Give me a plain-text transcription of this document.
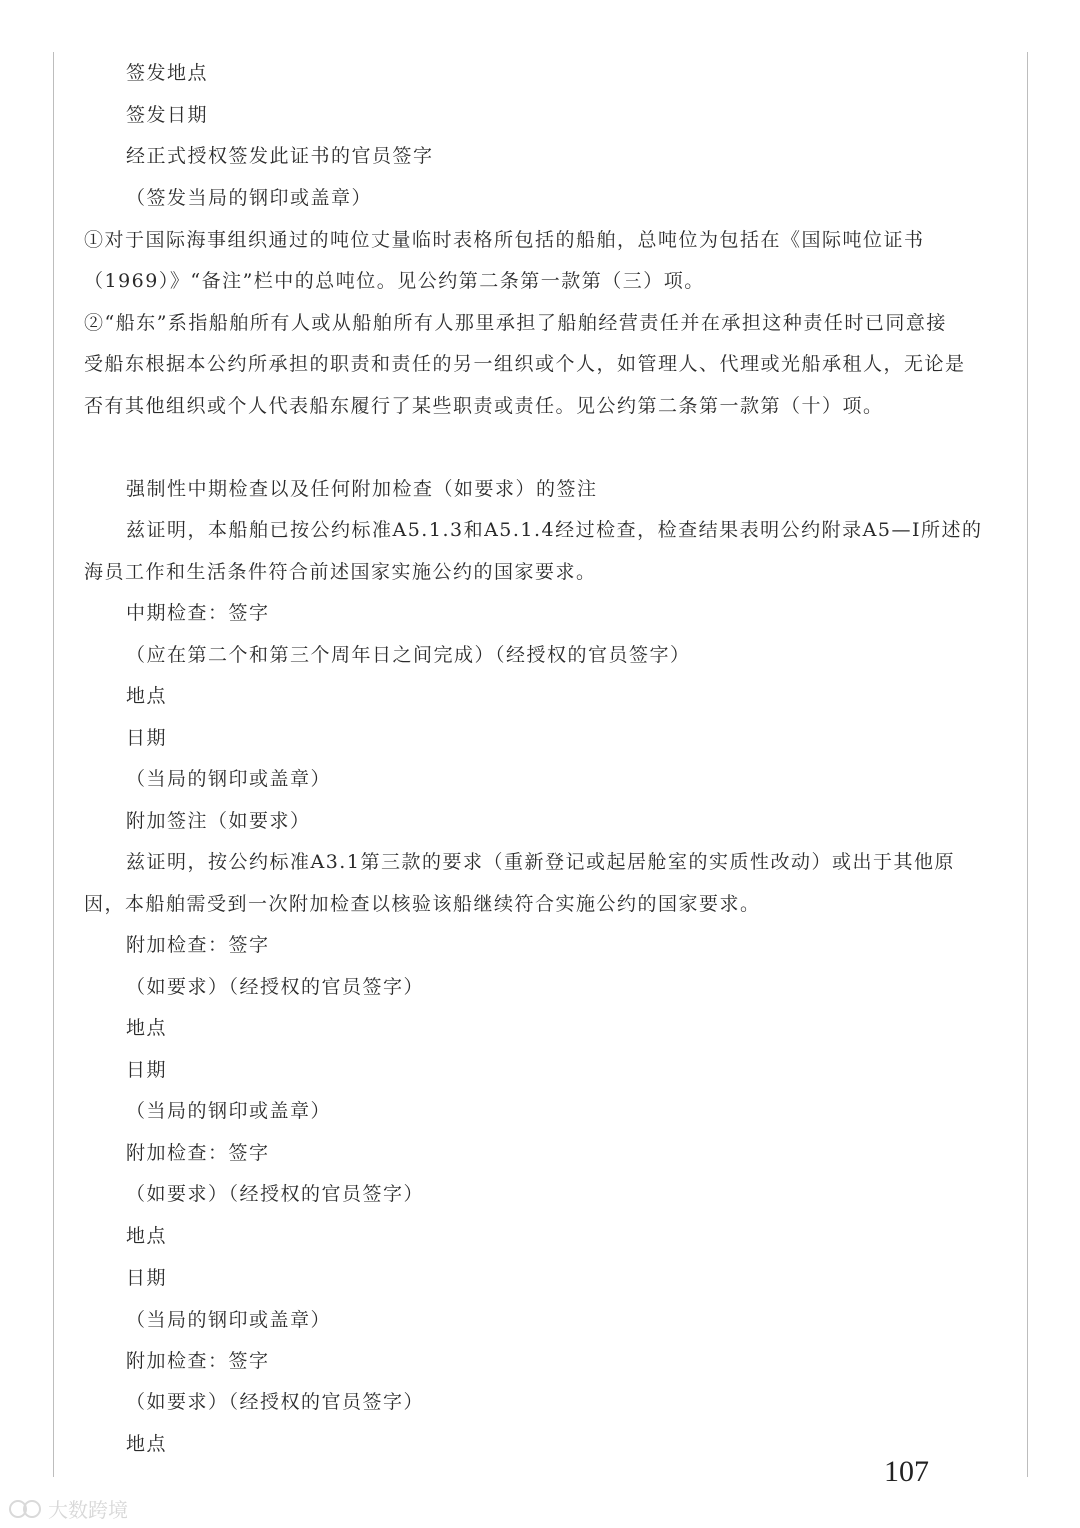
签发地点
签发日期
经正式授权签发此证书的官员签字
（签发当局的钢印或盖章）
①对于国际海事组织通过的吨位丈量临时表格所包括的船舶，总吨位为包括在《国际吨位证书
（1969）》“备注”栏中的总吨位。见公约第二条第一款第（三）项。
②“船东”系指船舶所有人或从船舶所有人那里承担了船舶经营责任并在承担这种责任时已同意接
受船东根据本公约所承担的职责和责任的另一组织或个人，如管理人、代理或光船承租人，无论是
否有其他组织或个人代表船东履行了某些职责或责任。见公约第二条第一款第（十）项。
强制性中期检查以及任何附加检查（如要求）的签注
兹证明，本船舶已按公约标准A5.1.3和A5.1.4经过检查，检查结果表明公约附录A5—Ⅰ所述的
海员工作和生活条件符合前述国家实施公约的国家要求。
中期检查：签字
（应在第二个和第三个周年日之间完成）（经授权的官员签字）
地点
日期
（当局的钢印或盖章）
附加签注（如要求）
兹证明，按公约标准A3.1第三款的要求（重新登记或起居舱室的实质性改动）或出于其他原
因，本船舶需受到一次附加检查以核验该船继续符合实施公约的国家要求。
附加检查：签字
（如要求）（经授权的官员签字）
地点
日期
（当局的钢印或盖章）
附加检查：签字
（如要求）（经授权的官员签字）
地点
日期
（当局的钢印或盖章）
附加检查：签字
（如要求）（经授权的官员签字）
地点
107
大数跨境
